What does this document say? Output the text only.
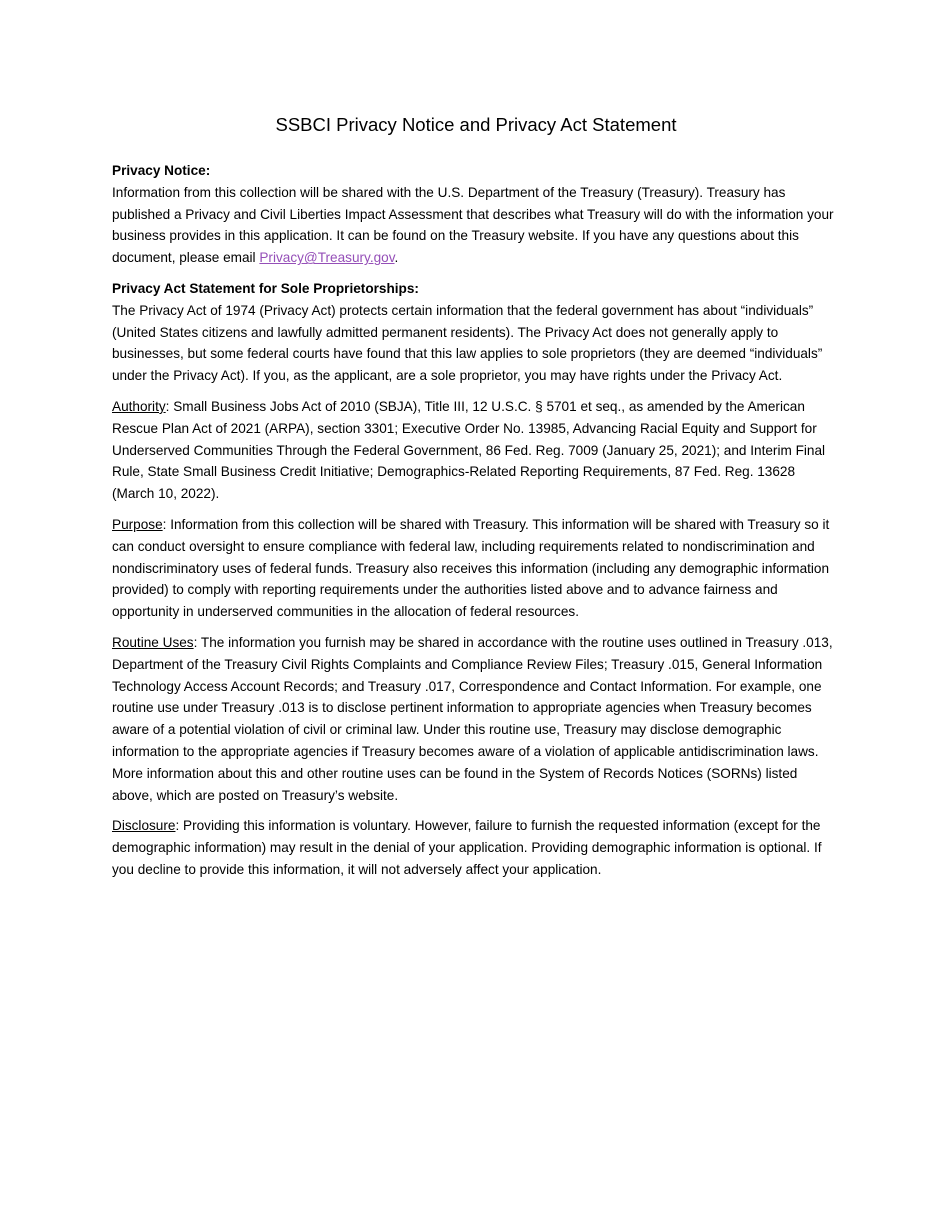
SSBCI Privacy Notice and Privacy Act Statement
Privacy Notice:
Information from this collection will be shared with the U.S. Department of the Treasury (Treasury). Treasury has published a Privacy and Civil Liberties Impact Assessment that describes what Treasury will do with the information your business provides in this application. It can be found on the Treasury website. If you have any questions about this document, please email Privacy@Treasury.gov.
Privacy Act Statement for Sole Proprietorships:
The Privacy Act of 1974 (Privacy Act) protects certain information that the federal government has about “individuals” (United States citizens and lawfully admitted permanent residents). The Privacy Act does not generally apply to businesses, but some federal courts have found that this law applies to sole proprietors (they are deemed “individuals” under the Privacy Act). If you, as the applicant, are a sole proprietor, you may have rights under the Privacy Act.
Authority: Small Business Jobs Act of 2010 (SBJA), Title III, 12 U.S.C. § 5701 et seq., as amended by the American Rescue Plan Act of 2021 (ARPA), section 3301; Executive Order No. 13985, Advancing Racial Equity and Support for Underserved Communities Through the Federal Government, 86 Fed. Reg. 7009 (January 25, 2021); and Interim Final Rule, State Small Business Credit Initiative; Demographics-Related Reporting Requirements, 87 Fed. Reg. 13628 (March 10, 2022).
Purpose: Information from this collection will be shared with Treasury. This information will be shared with Treasury so it can conduct oversight to ensure compliance with federal law, including requirements related to nondiscrimination and nondiscriminatory uses of federal funds. Treasury also receives this information (including any demographic information provided) to comply with reporting requirements under the authorities listed above and to advance fairness and opportunity in underserved communities in the allocation of federal resources.
Routine Uses: The information you furnish may be shared in accordance with the routine uses outlined in Treasury .013, Department of the Treasury Civil Rights Complaints and Compliance Review Files; Treasury .015, General Information Technology Access Account Records; and Treasury .017, Correspondence and Contact Information. For example, one routine use under Treasury .013 is to disclose pertinent information to appropriate agencies when Treasury becomes aware of a potential violation of civil or criminal law. Under this routine use, Treasury may disclose demographic information to the appropriate agencies if Treasury becomes aware of a violation of applicable antidiscrimination laws. More information about this and other routine uses can be found in the System of Records Notices (SORNs) listed above, which are posted on Treasury’s website.
Disclosure: Providing this information is voluntary. However, failure to furnish the requested information (except for the demographic information) may result in the denial of your application. Providing demographic information is optional. If you decline to provide this information, it will not adversely affect your application.
